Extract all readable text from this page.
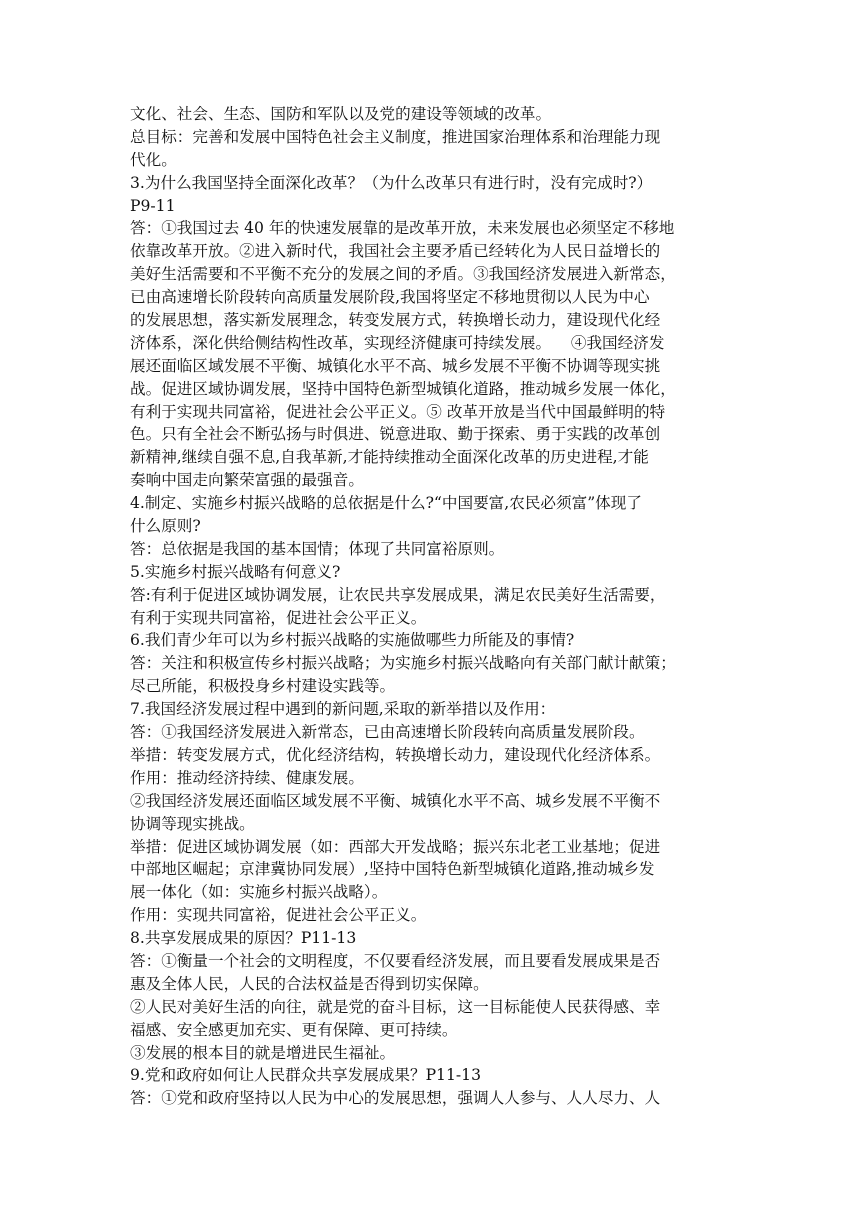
文化、社会、生态、国防和军队以及党的建设等领域的改革。
总目标：完善和发展中国特色社会主义制度，推进国家治理体系和治理能力现
代化。
3.为什么我国坚持全面深化改革？（为什么改革只有进行时，没有完成时?）
P9-11
答：①我国过去 40 年的快速发展靠的是改革开放，未来发展也必须坚定不移地
依靠改革开放。②进入新时代，我国社会主要矛盾已经转化为人民日益增长的
美好生活需要和不平衡不充分的发展之间的矛盾。③我国经济发展进入新常态，
已由高速增长阶段转向高质量发展阶段,我国将坚定不移地贯彻以人民为中心
的发展思想，落实新发展理念，转变发展方式，转换增长动力，建设现代化经
济体系，深化供给侧结构性改革，实现经济健康可持续发展。    ④我国经济发
展还面临区域发展不平衡、城镇化水平不高、城乡发展不平衡不协调等现实挑
战。促进区域协调发展，坚持中国特色新型城镇化道路，推动城乡发展一体化，
有利于实现共同富裕，促进社会公平正义。⑤ 改革开放是当代中国最鲜明的特
色。只有全社会不断弘扬与时俱进、锐意进取、勤于探索、勇于实践的改革创
新精神,继续自强不息,自我革新,才能持续推动全面深化改革的历史进程,才能
奏响中国走向繁荣富强的最强音。
4.制定、实施乡村振兴战略的总依据是什么?“中国要富,农民必须富”体现了
什么原则?
答：总依据是我国的基本国情；体现了共同富裕原则。
5.实施乡村振兴战略有何意义?
答:有利于促进区域协调发展，让农民共享发展成果，满足农民美好生活需要，
有利于实现共同富裕，促进社会公平正义。
6.我们青少年可以为乡村振兴战略的实施做哪些力所能及的事情?
答：关注和积极宣传乡村振兴战略；为实施乡村振兴战略向有关部门献计献策；
尽己所能，积极投身乡村建设实践等。
7.我国经济发展过程中遇到的新问题,采取的新举措以及作用：
答：①我国经济发展进入新常态，已由高速增长阶段转向高质量发展阶段。
举措：转变发展方式，优化经济结构，转换增长动力，建设现代化经济体系。
作用：推动经济持续、健康发展。
②我国经济发展还面临区域发展不平衡、城镇化水平不高、城乡发展不平衡不
协调等现实挑战。
举措：促进区域协调发展（如：西部大开发战略；振兴东北老工业基地；促进
中部地区崛起；京津冀协同发展）,坚持中国特色新型城镇化道路,推动城乡发
展一体化（如：实施乡村振兴战略）。
作用：实现共同富裕，促进社会公平正义。
8.共享发展成果的原因？P11-13
答：①衡量一个社会的文明程度，不仅要看经济发展，而且要看发展成果是否
惠及全体人民，人民的合法权益是否得到切实保障。
②人民对美好生活的向往，就是党的奋斗目标，这一目标能使人民获得感、幸
福感、安全感更加充实、更有保障、更可持续。
③发展的根本目的就是增进民生福祉。
9.党和政府如何让人民群众共享发展成果？P11-13
答：①党和政府坚持以人民为中心的发展思想，强调人人参与、人人尽力、人
